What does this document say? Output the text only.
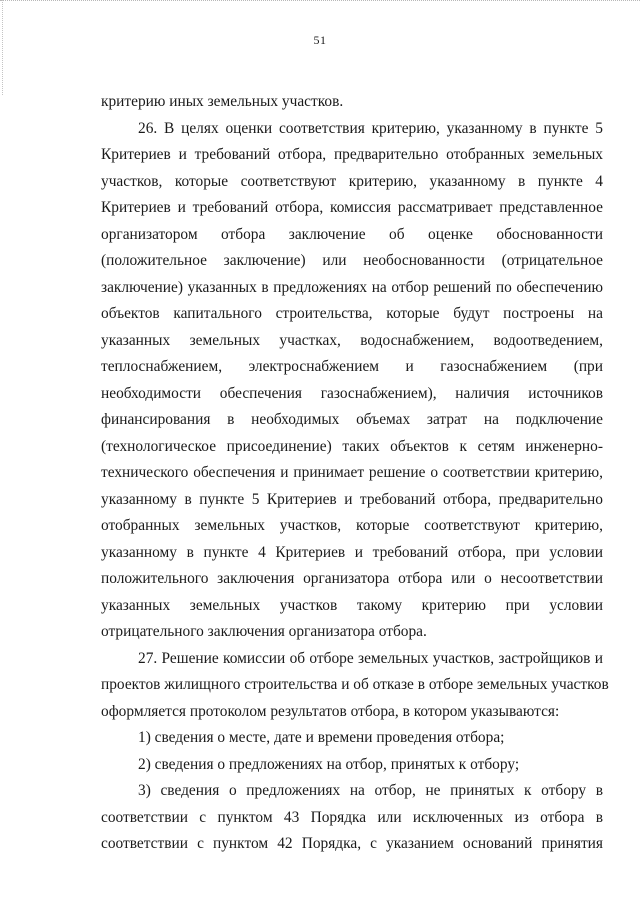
51
критерию иных земельных участков.
26. В целях оценки соответствия критерию, указанному в пункте 5
Критериев и требований отбора, предварительно отобранных земельных
участков, которые соответствуют критерию, указанному в пункте 4
Критериев и требований отбора, комиссия рассматривает представленное
организатором отбора заключение об оценке обоснованности
(положительное заключение) или необоснованности (отрицательное
заключение) указанных в предложениях на отбор решений по обеспечению
объектов капитального строительства, которые будут построены на
указанных земельных участках, водоснабжением, водоотведением,
теплоснабжением, электроснабжением и газоснабжением (при
необходимости обеспечения газоснабжением), наличия источников
финансирования в необходимых объемах затрат на подключение
(технологическое присоединение) таких объектов к сетям инженерно-
технического обеспечения и принимает решение о соответствии критерию,
указанному в пункте 5 Критериев и требований отбора, предварительно
отобранных земельных участков, которые соответствуют критерию,
указанному в пункте 4 Критериев и требований отбора, при условии
положительного заключения организатора отбора или о несоответствии
указанных земельных участков такому критерию при условии
отрицательного заключения организатора отбора.
27. Решение комиссии об отборе земельных участков, застройщиков и
проектов жилищного строительства и об отказе в отборе земельных участков
оформляется протоколом результатов отбора, в котором указываются:
1) сведения о месте, дате и времени проведения отбора;
2) сведения о предложениях на отбор, принятых к отбору;
3) сведения о предложениях на отбор, не принятых к отбору в
соответствии с пунктом 43 Порядка или исключенных из отбора в
соответствии с пунктом 42 Порядка, с указанием оснований принятия
